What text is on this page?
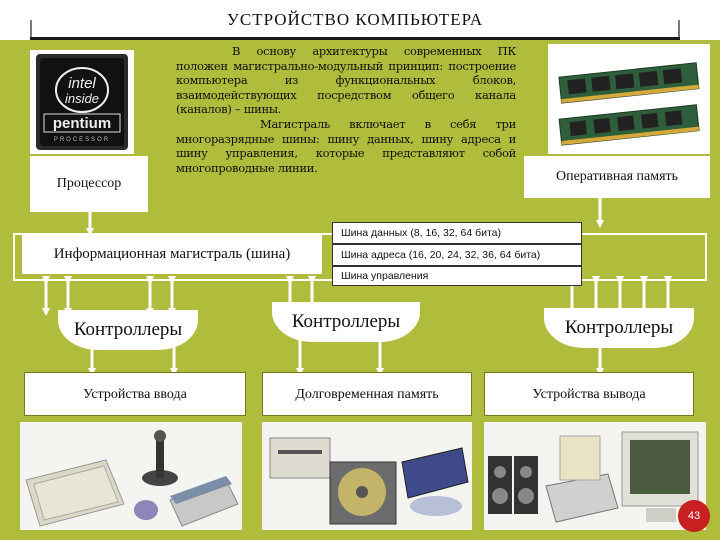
УСТРОЙСТВО КОМПЬЮТЕРА
intel
inside
pentium
PROCESSOR
Процессор
В основу архитектуры современных ПК положен магистрально-модульный принцип: построение компьютера из функциональных блоков, взаимодействующих посредством общего канала (каналов) – шины.
Магистраль включает в себя три многоразрядные шины: шину данных, шину адреса и шину управления, которые представляют собой многопроводные линии.
Оперативная память
Информационная магистраль (шина)
Шина данных (8, 16, 32, 64 бита)
Шина адреса (16, 20, 24, 32, 36, 64 бита)
Шина управления
Контроллеры	Контроллеры	Контроллеры
Устройства ввода	Долговременная память	Устройства вывода
43
